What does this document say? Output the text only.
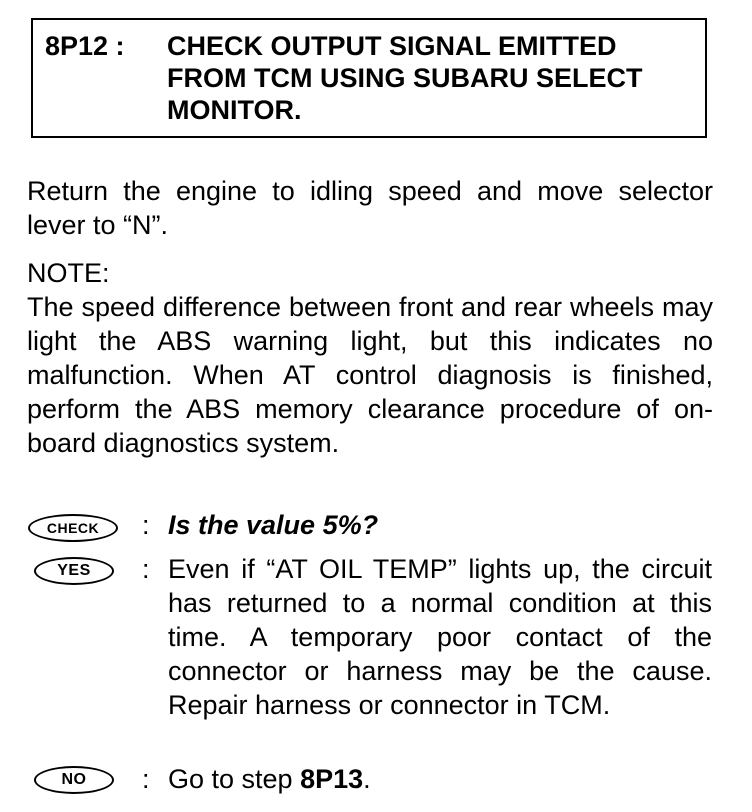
8P12 : CHECK OUTPUT SIGNAL EMITTED FROM TCM USING SUBARU SELECT MONITOR.

Return the engine to idling speed and move selector lever to “N”.

NOTE:

The speed difference between front and rear wheels may light the ABS warning light, but this indicates no malfunction. When AT control diagnosis is finished, perform the ABS memory clearance procedure of on-board diagnostics system.

CHECK	: Is the value 5%?

YES	: Even if “AT OIL TEMP” lights up, the circuit has returned to a normal condition at this time. A temporary poor contact of the connector or harness may be the cause. Repair harness or connector in TCM.

NO	: Go to step 8P13.
